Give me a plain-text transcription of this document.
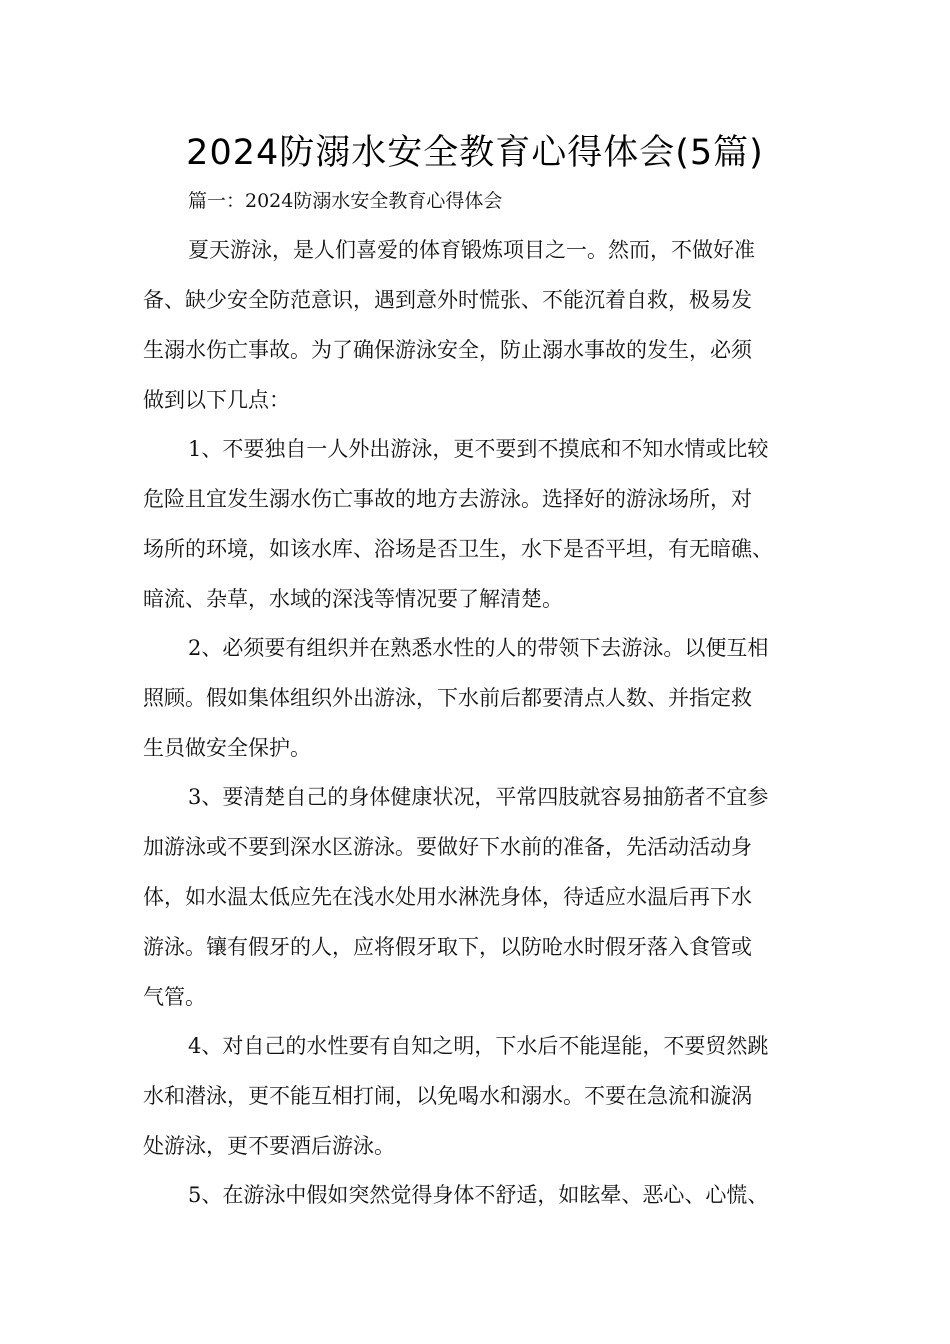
2024防溺水安全教育心得体会(5篇)
篇一：2024防溺水安全教育心得体会
夏天游泳，是人们喜爱的体育锻炼项目之一。然而，不做好准
备、缺少安全防范意识，遇到意外时慌张、不能沉着自救，极易发
生溺水伤亡事故。为了确保游泳安全，防止溺水事故的发生，必须
做到以下几点：
1、不要独自一人外出游泳，更不要到不摸底和不知水情或比较
危险且宜发生溺水伤亡事故的地方去游泳。选择好的游泳场所，对
场所的环境，如该水库、浴场是否卫生，水下是否平坦，有无暗礁、
暗流、杂草，水域的深浅等情况要了解清楚。
2、必须要有组织并在熟悉水性的人的带领下去游泳。以便互相
照顾。假如集体组织外出游泳，下水前后都要清点人数、并指定救
生员做安全保护。
3、要清楚自己的身体健康状况，平常四肢就容易抽筋者不宜参
加游泳或不要到深水区游泳。要做好下水前的准备，先活动活动身
体，如水温太低应先在浅水处用水淋洗身体，待适应水温后再下水
游泳。镶有假牙的人，应将假牙取下，以防呛水时假牙落入食管或
气管。
4、对自己的水性要有自知之明，下水后不能逞能，不要贸然跳
水和潜泳，更不能互相打闹，以免喝水和溺水。不要在急流和漩涡
处游泳，更不要酒后游泳。
5、在游泳中假如突然觉得身体不舒适，如眩晕、恶心、心慌、
